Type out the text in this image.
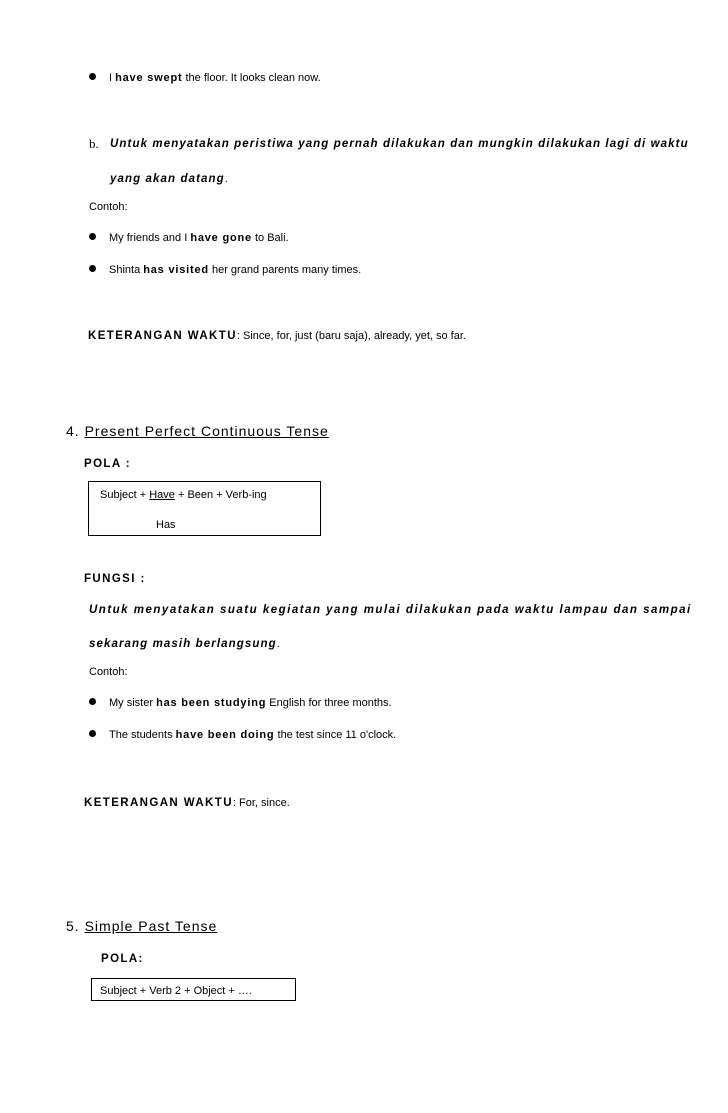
I have swept the floor. It looks clean now.
b. Untuk menyatakan peristiwa yang pernah dilakukan dan mungkin dilakukan lagi di waktu
yang akan datang.
Contoh:
My friends and I have gone to Bali.
Shinta has visited her grand parents many times.
KETERANGAN WAKTU: Since, for, just (baru saja), already, yet, so far.
4. Present Perfect Continuous Tense
POLA :
Subject + Have + Been + Verb-ing
Has
FUNGSI :
Untuk menyatakan suatu kegiatan yang mulai dilakukan pada waktu lampau dan sampai
sekarang masih berlangsung.
Contoh:
My sister has been studying English for three months.
The students have been doing the test since 11 o'clock.
KETERANGAN WAKTU: For, since.
5. Simple Past Tense
POLA:
Subject + Verb 2 + Object + ….
